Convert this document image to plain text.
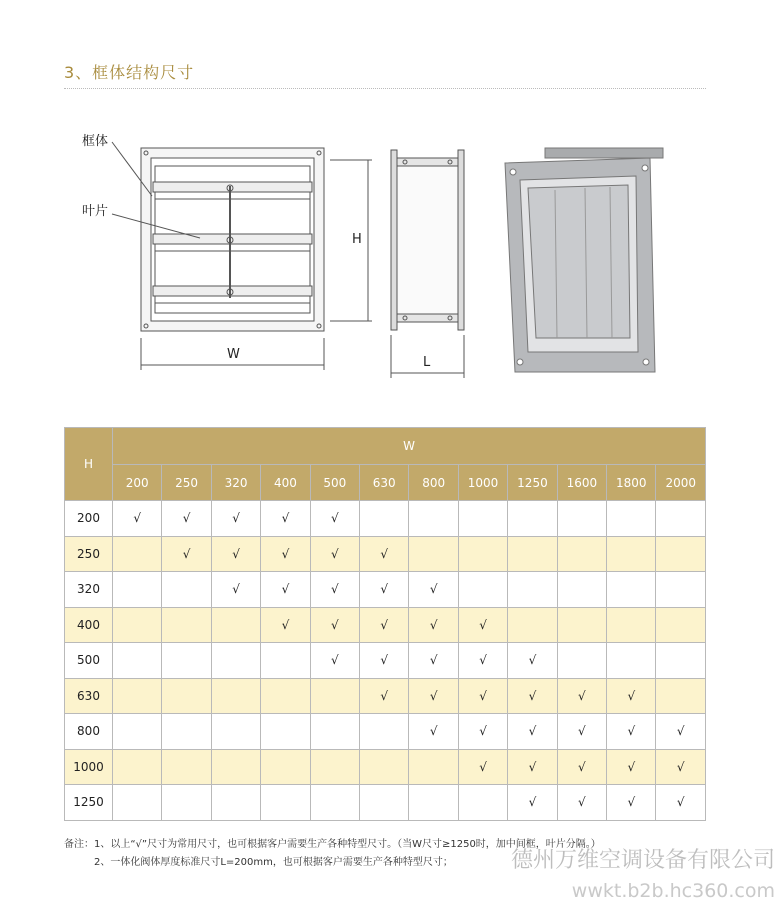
3、框体结构尺寸
框体
叶片
H
W
L
H	W											
	200	250	320	400	500	630	800	1000	1250	1600	1800	2000
200	√	√	√	√	√							
250		√	√	√	√	√						
320			√	√	√	√	√					
400				√	√	√	√	√				
500					√	√	√	√	√			
630						√	√	√	√	√	√	
800							√	√	√	√	√	√
1000								√	√	√	√	√
1250									√	√	√	√
备注：1、以上“√”尺寸为常用尺寸，也可根据客户需要生产各种特型尺寸。（当W尺寸≥1250时，加中间框，叶片分隔。）
2、一体化阀体厚度标准尺寸L=200mm，也可根据客户需要生产各种特型尺寸；	德州万维空调设备有限公司
wwkt.b2b.hc360.com
